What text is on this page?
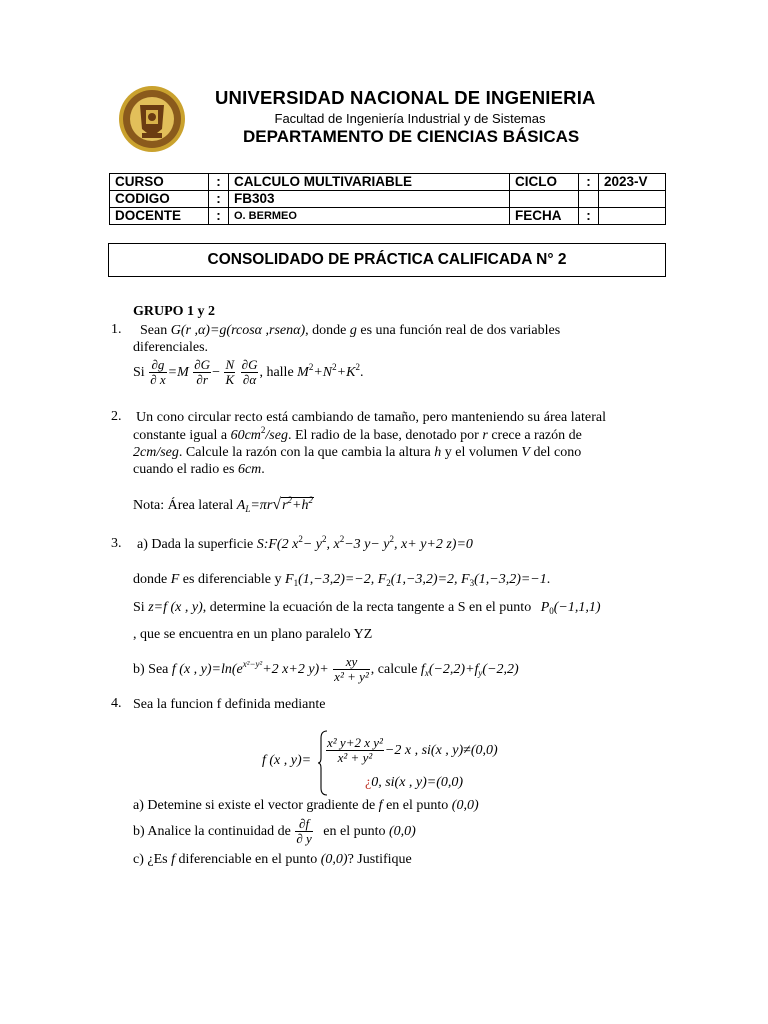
UNIVERSIDAD NACIONAL DE INGENIERIA
Facultad de Ingeniería Industrial y de Sistemas
DEPARTAMENTO DE CIENCIAS BÁSICAS
CURSO	:	CALCULO MULTIVARIABLE	CICLO	:	2023-V
CODIGO	:	FB303			
DOCENTE	:	O. BERMEO	FECHA	:	
CONSOLIDADO DE PRÁCTICA CALIFICADA N° 2
GRUPO 1 y 2
1. Sean G(r ,α)=g(rcosα ,rsenα), donde g es una función real de dos variables
diferenciales.
Si $\frac{\partial g}{\partial x} =M \frac{\partial G}{\partial r} - \frac{N}{K}$
$\frac{\partial G}{\partial\alpha}$ , halle $M^2+N^2+K^2$.
2. Un cono circular recto está cambiando de tamaño, pero manteniendo su área lateral
constante igual a $60cm^2$/seg. El radio de la base, denotado por r crece a razón de
2cm/seg. Calcule la razón con la que cambia la altura h y el volumen V del cono
cuando el radio es 6cm.
Nota: Área lateral $A_L=\pi r√r^2+h^2$
3. a) Dada la superficie S:F(2 $x^2- y^2$, $x^2-3$ $y- y^2$, x+ y+2 z)=0
donde F es diferenciable y $F_1(1,-3,2)=-2$, $F_2(1,-3,2)=2$, $F_3(1,-3,2)=-1$.
Si z=f (x , y), determine la ecuación de la recta tangente a S en el punto $P_0(-1,1,1)$
, que se encuentra en un plano paralelo YZ
b) Sea f (x , $y)=\ln(e^{x^2-y^2}+2$ x+2 $y)+ \frac{xy}{\text{x² + y²}}$ , calcule $f_x(-2,2)+f_y(-2,2)$
4. Sea la funcion f definida mediante
f (x , $y)= \frac{\text{x² y+2 x y²}}{\text{x² + y²}} -2$ x , si(x , y)≠(0,0)
¿0, si(x , y)=(0,0)
a) Detemine si existe el vector gradiente de f en el punto (0,0)
b) Analice la continuidad de $\frac{\partial f}{\partial y}$ en el punto (0,0)
c) ¿Es f diferenciable en el punto (0,0)? Justifique
